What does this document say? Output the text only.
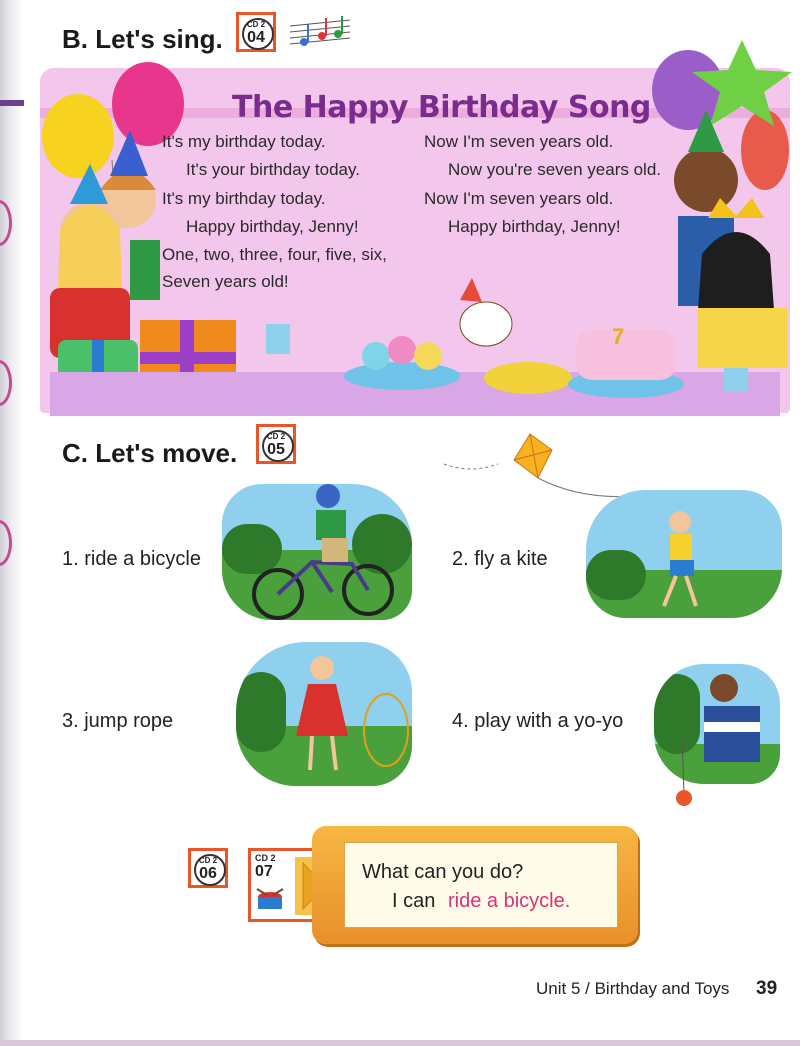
B. Let's sing.	CD 2
04
7
The Happy Birthday Song
It's my birthday today.
It's your birthday today.
It's my birthday today.
Happy birthday, Jenny!
One, two, three, four, five, six,
Seven years old!
Now I'm seven years old.
Now you're seven years old.
Now I'm seven years old.
Happy birthday, Jenny!
C. Let's move.
CD 2
05
1. ride a bicycle	2. fly a kite
3. jump rope	4. play with a yo-yo
CD 2
06
CD 2
07	What can you do?
I can ride a bicycle.
Unit 5 / Birthday and Toys 39
